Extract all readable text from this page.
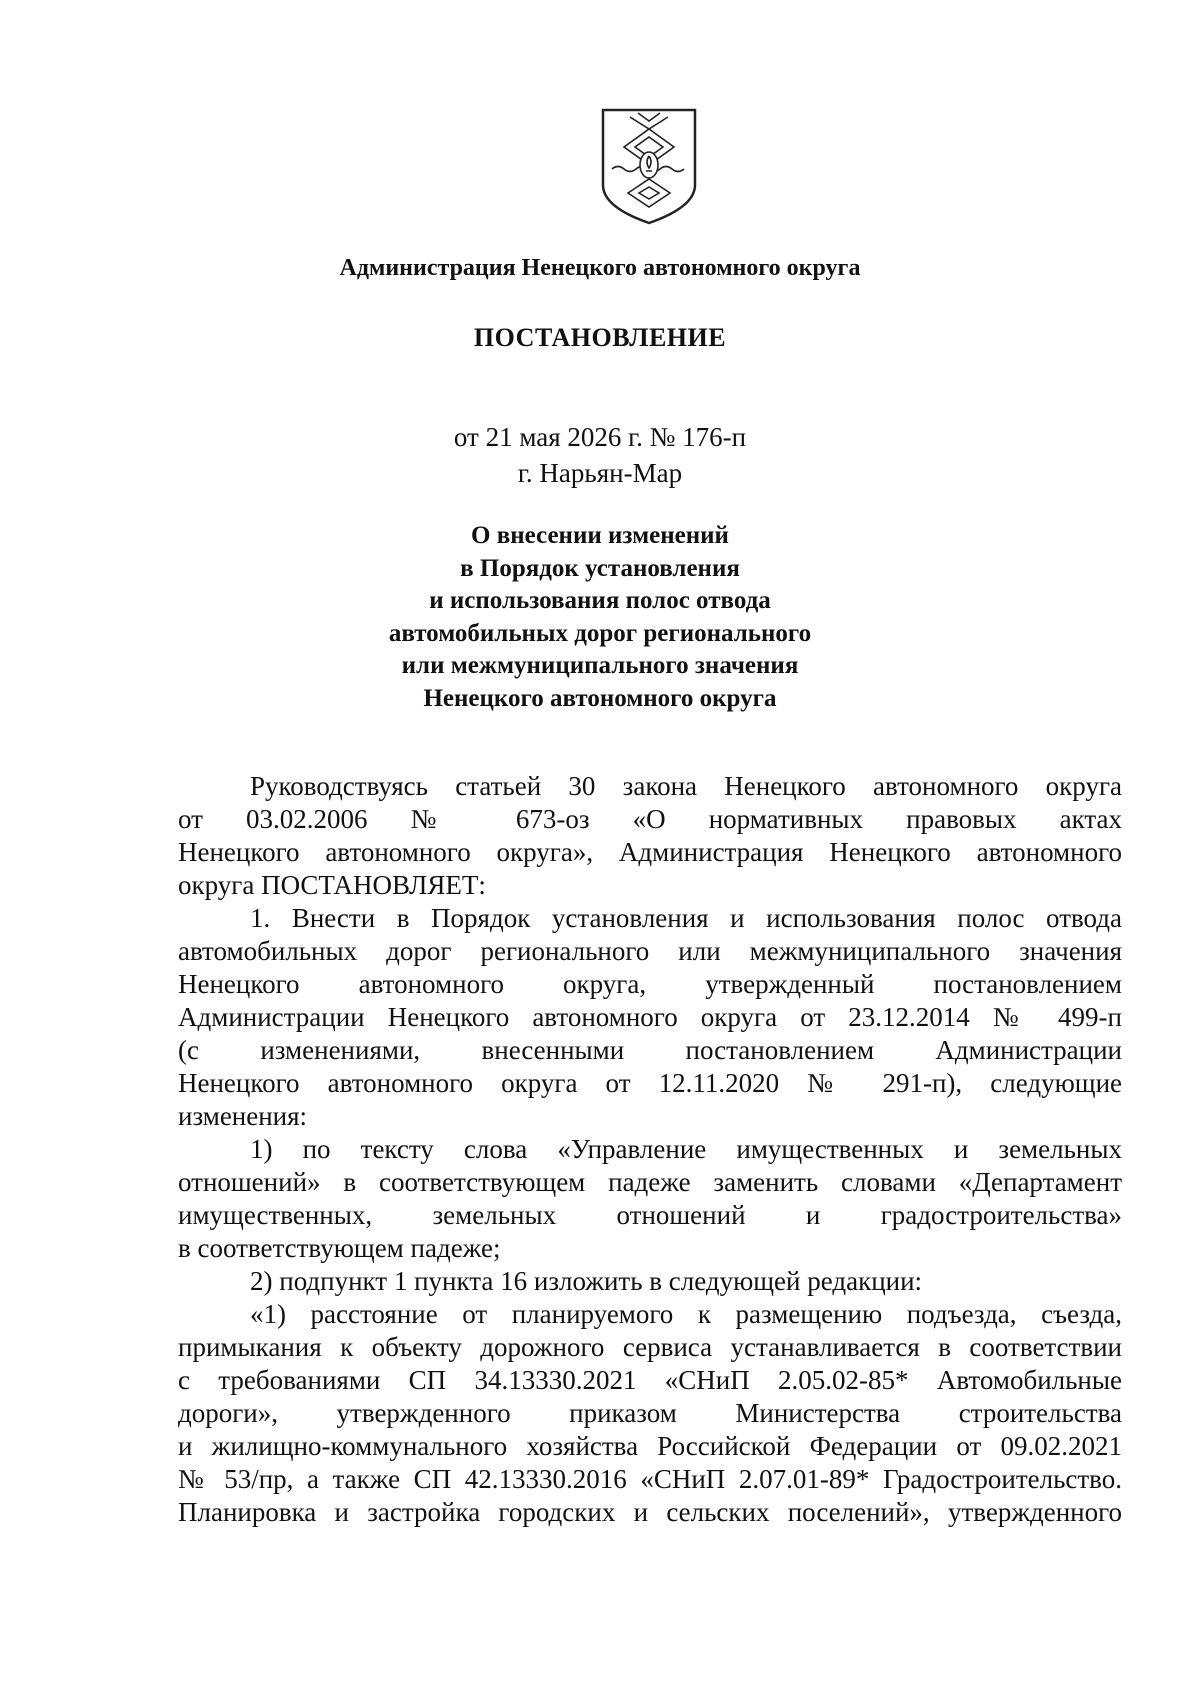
Администрация Ненецкого автономного округа
ПОСТАНОВЛЕНИЕ
от 21 мая 2026 г. № 176-п
г. Нарьян-Мар
О внесении изменений
в Порядок установления
и использования полос отвода
автомобильных дорог регионального
или межмуниципального значения
Ненецкого автономного округа
Руководствуясь статьей 30 закона Ненецкого автономного округа
от 03.02.2006 № 673-оз «О нормативных правовых актах
Ненецкого автономного округа», Администрация Ненецкого автономного
округа ПОСТАНОВЛЯЕТ:
1. Внести в Порядок установления и использования полос отвода
автомобильных дорог регионального или межмуниципального значения
Ненецкого автономного округа, утвержденный постановлением
Администрации Ненецкого автономного округа от 23.12.2014 № 499-п
(с изменениями, внесенными постановлением Администрации
Ненецкого автономного округа от 12.11.2020 № 291-п), следующие
изменения:
1) по тексту слова «Управление имущественных и земельных
отношений» в соответствующем падеже заменить словами «Департамент
имущественных, земельных отношений и градостроительства»
в соответствующем падеже;
2) подпункт 1 пункта 16 изложить в следующей редакции:
«1) расстояние от планируемого к размещению подъезда, съезда,
примыкания к объекту дорожного сервиса устанавливается в соответствии
с требованиями СП 34.13330.2021 «СНиП 2.05.02-85* Автомобильные
дороги», утвержденного приказом Министерства строительства
и жилищно-коммунального хозяйства Российской Федерации от 09.02.2021
№ 53/пр, а также СП 42.13330.2016 «СНиП 2.07.01-89* Градостроительство.
Планировка и застройка городских и сельских поселений», утвержденного
